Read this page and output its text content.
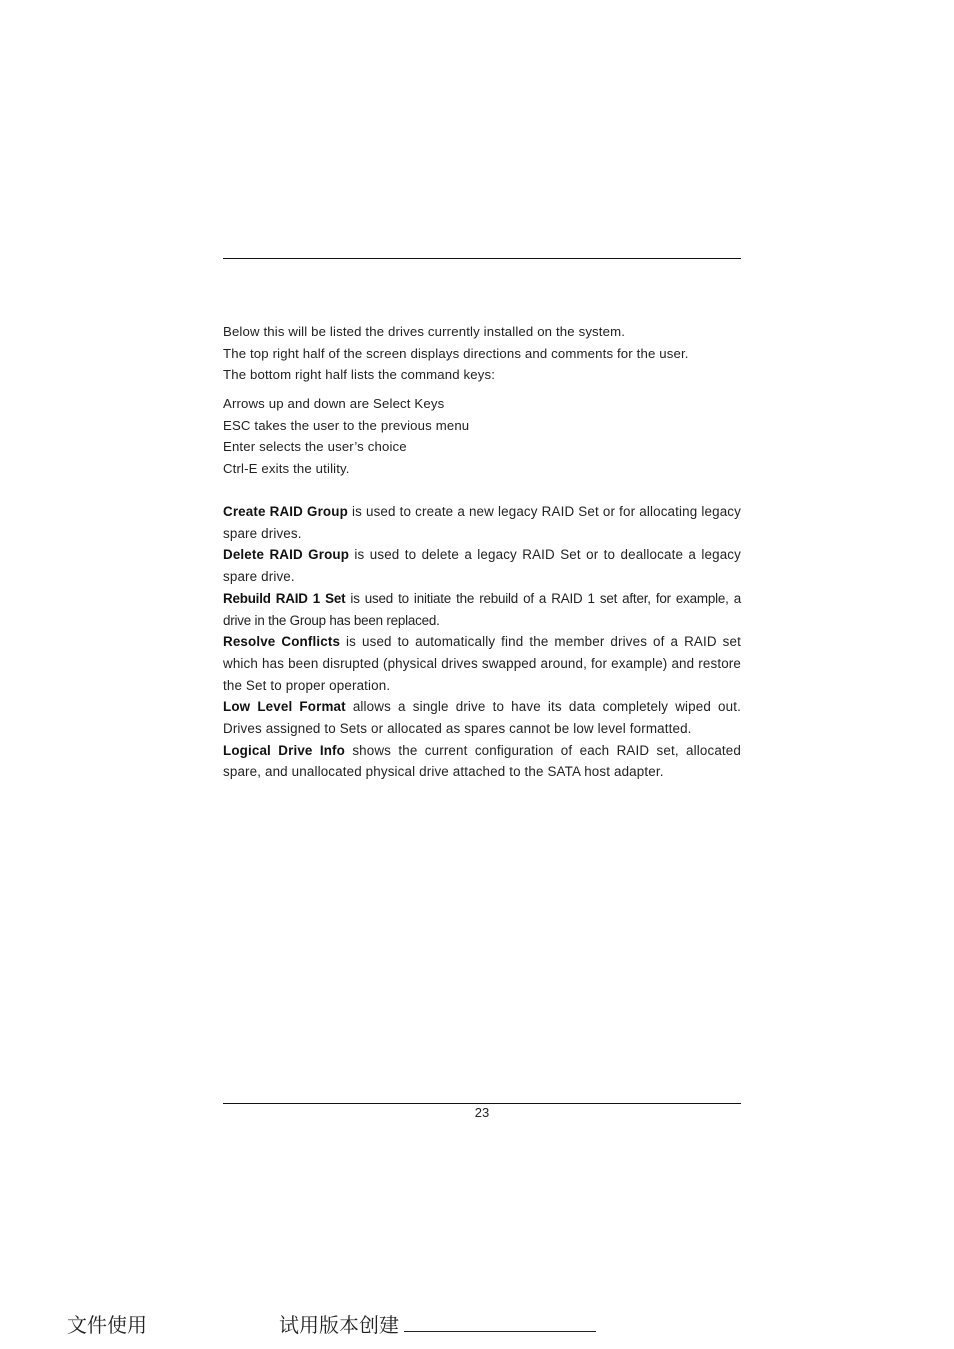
Below this will be listed the drives currently installed on the system.

The top right half of the screen displays directions and comments for the user.

The bottom right half lists the command keys:

Arrows up and down are Select Keys

ESC takes the user to the previous menu

Enter selects the user’s choice

Ctrl-E exits the utility.

Create RAID Group is used to create a new legacy RAID Set or for allocating legacy spare drives.

Delete RAID Group is used to delete a legacy RAID Set or to deallocate a legacy spare drive.

Rebuild RAID 1 Set is used to initiate the rebuild of a RAID 1 set after, for example, a drive in the Group has been replaced.

Resolve Conflicts is used to automatically find the member drives of a RAID set which has been disrupted (physical drives swapped around, for example) and restore the Set to proper operation.

Low Level Format allows a single drive to have its data completely wiped out. Drives assigned to Sets or allocated as spares cannot be low level formatted.

Logical Drive Info shows the current configuration of each RAID set, allocated spare, and unallocated physical drive attached to the SATA host adapter.

23
文件使用	试用版本创建
